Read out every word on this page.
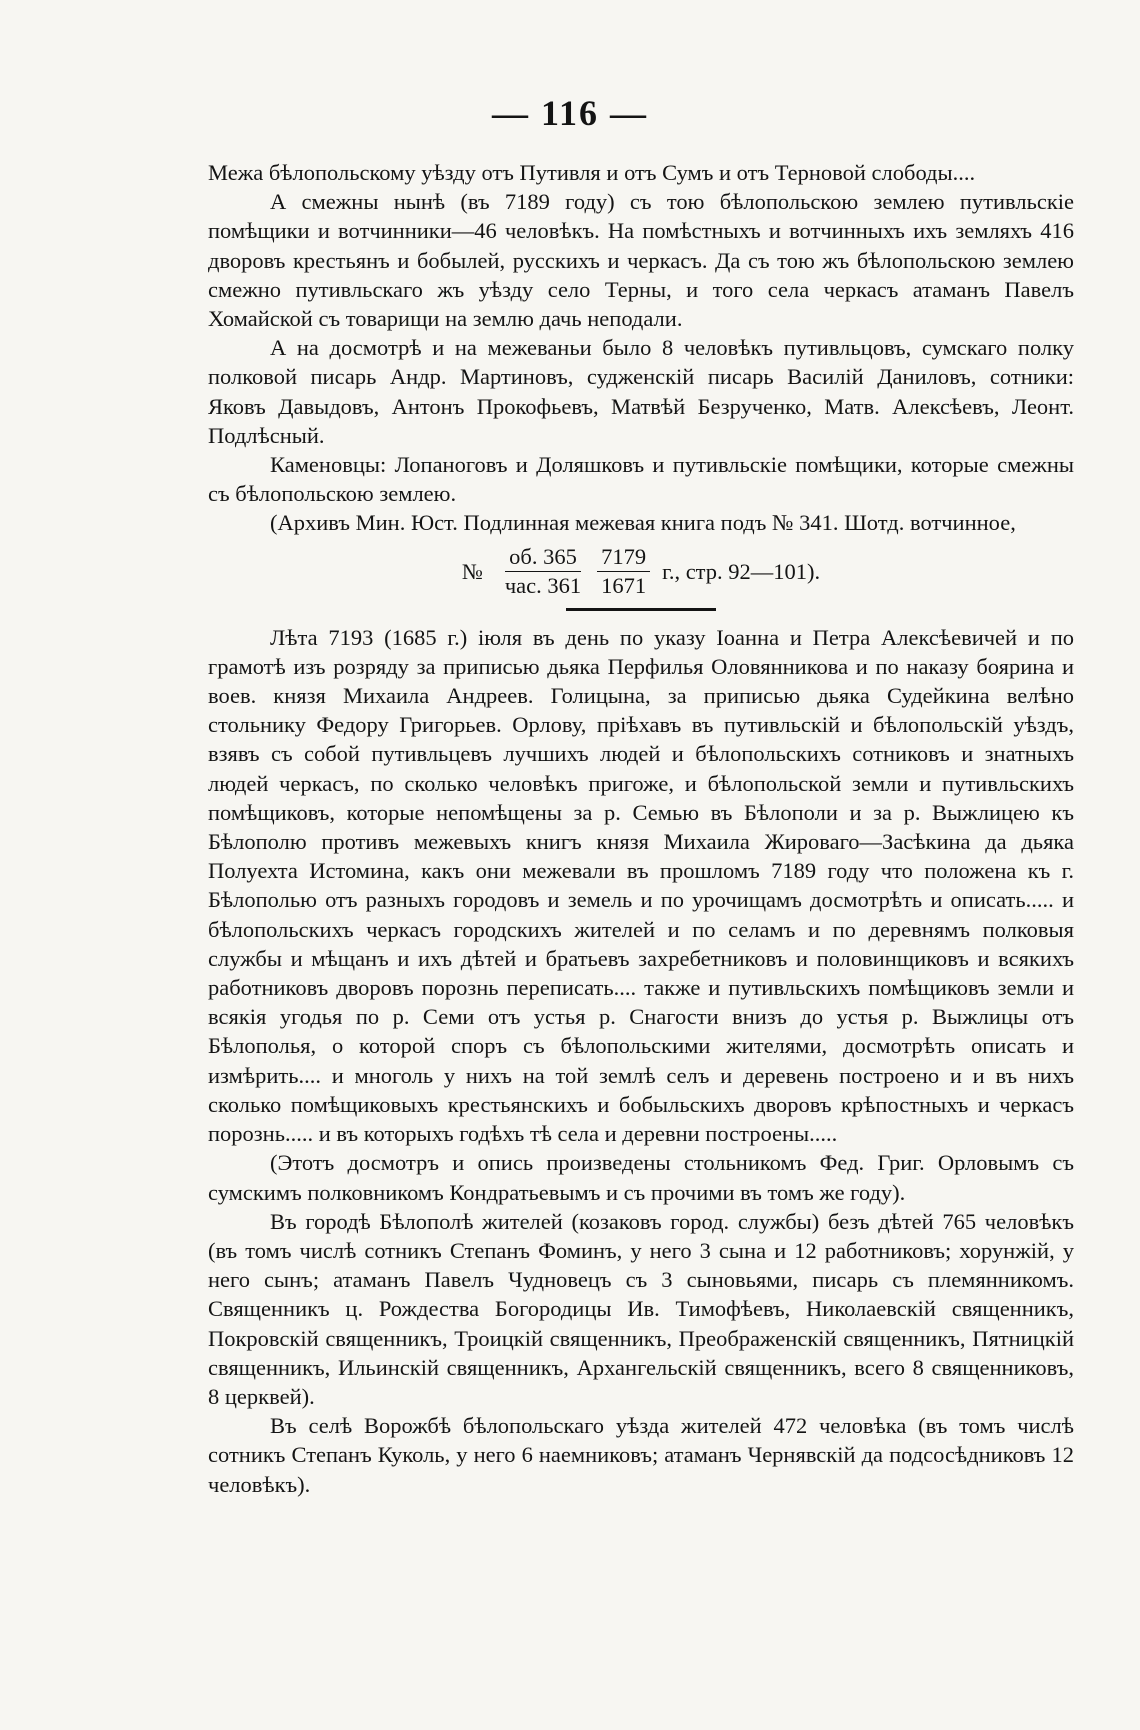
— 116 —

Межа бѣлопольскому уѣзду отъ Путивля и отъ Сумъ и отъ Терновой слободы....

А смежны нынѣ (въ 7189 году) съ тою бѣлопольскою землею путивльскіе помѣщики и вотчинники—46 человѣкъ. На помѣстныхъ и вотчинныхъ ихъ земляхъ 416 дворовъ крестьянъ и бобылей, русскихъ и черкасъ. Да съ тою жъ бѣлопольскою землею смежно путивльскаго жъ уѣзду село Терны, и того села черкасъ атаманъ Павелъ Хомайской съ товарищи на землю дачь неподали.

А на досмотрѣ и на межеваньи было 8 человѣкъ путивльцовъ, сумскаго полку полковой писарь Андр. Мартиновъ, судженскій писарь Василій Даниловъ, сотники: Яковъ Давыдовъ, Антонъ Прокофьевъ, Матвѣй Безрученко, Матв. Алексѣевъ, Леонт. Подлѣсный.

Каменовцы: Лопаноговъ и Доляшковъ и путивльскіе помѣщики, которые смежны съ бѣлопольскою землею.

(Архивъ Мин. Юст. Подлинная межевая книга подъ № 341. Шотд. вотчинное,

№ $\frac{об. 365}{\text{час. 361}} \frac{7179}{1671} г$., стр. 92—101).

Лѣта 7193 (1685 г.) іюля въ день по указу Іоанна и Петра Алексѣевичей и по грамотѣ изъ розряду за приписью дьяка Перфилья Оловянникова и по наказу боярина и воев. князя Михаила Андреев. Голицына, за приписью дьяка Судейкина велѣно стольнику Федору Григорьев. Орлову, пріѣхавъ въ путивльскій и бѣлопольскій уѣздъ, взявъ съ собой путивльцевъ лучшихъ людей и бѣлопольскихъ сотниковъ и знатныхъ людей черкасъ, по сколько человѣкъ пригоже, и бѣлопольской земли и путивльскихъ помѣщиковъ, которые непомѣщены за р. Семью въ Бѣлополи и за р. Выжлицею къ Бѣлополю противъ межевыхъ книгъ князя Михаила Жироваго—Засѣкина да дьяка Полуехта Истомина, какъ они межевали въ прошломъ 7189 году что положена къ г. Бѣлополью отъ разныхъ городовъ и земель и по урочищамъ досмотрѣть и описать..... и бѣлопольскихъ черкасъ городскихъ жителей и по селамъ и по деревнямъ полковыя службы и мѣщанъ и ихъ дѣтей и братьевъ захребетниковъ и половинщиковъ и всякихъ работниковъ дворовъ порознь переписать.... также и путивльскихъ помѣщиковъ земли и всякія угодья по р. Семи отъ устья р. Снагости внизъ до устья р. Выжлицы отъ Бѣлополья, о которой споръ съ бѣлопольскими жителями, досмотрѣть описать и измѣрить.... и многоль у нихъ на той землѣ селъ и деревень построено и и въ нихъ сколько помѣщиковыхъ крестьянскихъ и бобыльскихъ дворовъ крѣпостныхъ и черкасъ порознь..... и въ которыхъ годѣхъ тѣ села и деревни построены.....

(Этотъ досмотръ и опись произведены стольникомъ Фед. Григ. Орловымъ съ сумскимъ полковникомъ Кондратьевымъ и съ прочими въ томъ же году).

Въ городѣ Бѣлополѣ жителей (козаковъ город. службы) безъ дѣтей 765 человѣкъ (въ томъ числѣ сотникъ Степанъ Фоминъ, у него 3 сына и 12 работниковъ; хорунжій, у него сынъ; атаманъ Павелъ Чудновецъ съ 3 сыновьями, писарь съ племянникомъ. Священникъ ц. Рождества Богородицы Ив. Тимофѣевъ, Николаевскій священникъ, Покровскій священникъ, Троицкій священникъ, Преображенскій священникъ, Пятницкій священникъ, Ильинскій священникъ, Архангельскій священникъ, всего 8 священниковъ, 8 церквей).

Въ селѣ Ворожбѣ бѣлопольскаго уѣзда жителей 472 человѣка (въ томъ числѣ сотникъ Степанъ Куколь, у него 6 наемниковъ; атаманъ Чернявскій да подсосѣдниковъ 12 человѣкъ).
